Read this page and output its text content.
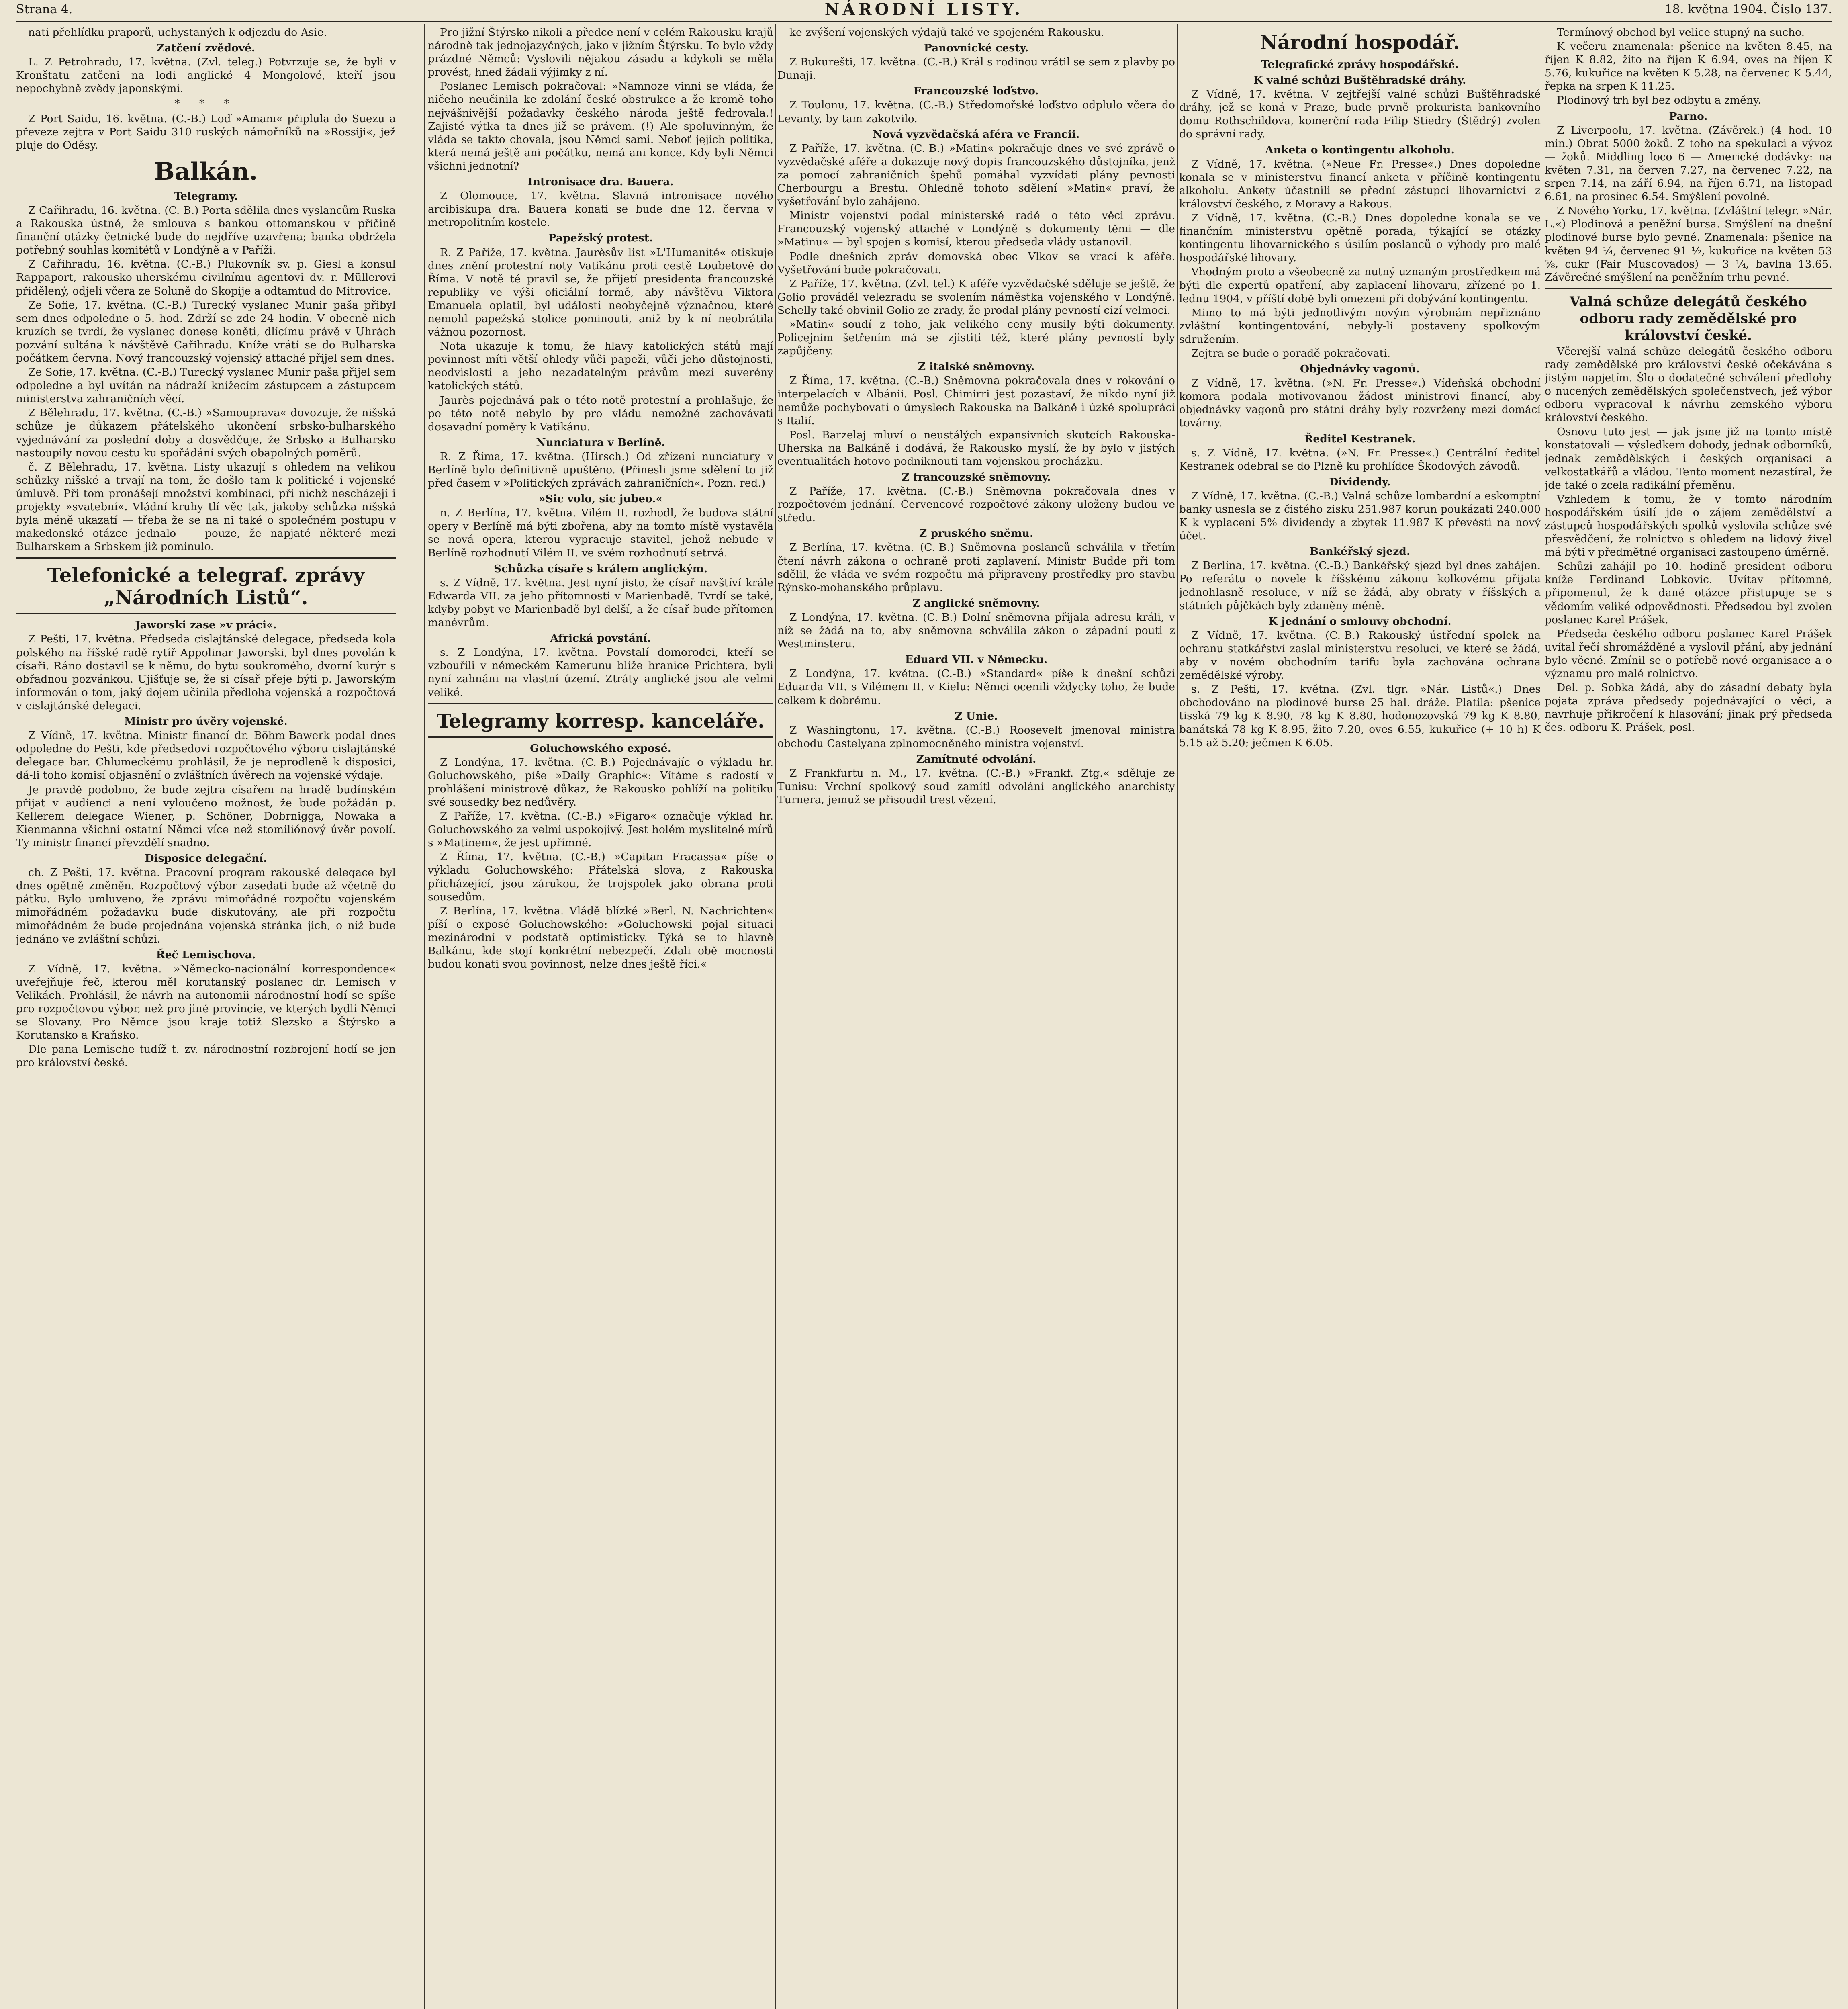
Strana 4.	NÁRODNÍ LISTY.	18. května 1904. Číslo 137.

nati přehlídku praporů, uchystaných k odjezdu do Asie.

Zatčení zvědové.

L. Z Petrohradu, 17. května. (Zvl. teleg.) Potvrzuje se, že byli v Kronštatu zatčeni na lodi anglické 4 Mongolové, kteří jsou nepochybně zvědy japonskými.

* * *

Z Port Saidu, 16. května. (C.-B.) Loď »Amam« připlula do Suezu a převeze zejtra v Port Saidu 310 ruských námořníků na »Rossiji«, jež pluje do Oděsy.

Balkán.

Telegramy.

Z Cařihradu, 16. května. (C.-B.) Porta sdělila dnes vyslancům Ruska a Rakouska ústně, že smlouva s bankou ottomanskou v příčině finanční otázky četnické bude do nejdříve uzavřena; banka obdržela potřebný souhlas komitétů v Londýně a v Paříži.

Z Cařihradu, 16. května. (C.-B.) Plukovník sv. p. Giesl a konsul Rappaport, rakousko-uherskému civilnímu agentovi dv. r. Müllerovi přidělený, odjeli včera ze Soluně do Skopije a odtamtud do Mitrovice.

Ze Sofie, 17. května. (C.-B.) Turecký vyslanec Munir paša přibyl sem dnes odpoledne o 5. hod. Zdrží se zde 24 hodin. V obecně nich kruzích se tvrdí, že vyslanec donese koněti, dlícímu právě v Uhrách pozvání sultána k návštěvě Cařihradu. Kníže vrátí se do Bulharska počátkem června. Nový francouzský vojenský attaché přijel sem dnes.

Ze Sofie, 17. května. (C.-B.) Turecký vyslanec Munir paša přijel sem odpoledne a byl uvítán na nádraží knížecím zástupcem a zástupcem ministerstva zahraničních věcí.

Z Bělehradu, 17. května. (C.-B.) »Samouprava« dovozuje, že nišská schůze je důkazem přátelského ukončení srbsko-bulharského vyjednávání za poslední doby a dosvědčuje, že Srbsko a Bulharsko nastoupily novou cestu ku spořádání svých obapolných poměrů.

č. Z Bělehradu, 17. května. Listy ukazují s ohledem na velikou schůzky nišské a trvají na tom, že došlo tam k politické i vojenské úmluvě. Při tom pronášejí množství kombinací, při nichž nescházejí i projekty »svatební«. Vládní kruhy tlí věc tak, jakoby schůzka nišská byla méně ukazatí — třeba že se na ni také o společném postupu v makedonské otázce jednalo — pouze, že napjaté některé mezi Bulharskem a Srbskem již pominulo.

Telefonické a telegraf. zprávy „Národních Listů“.

Jaworski zase »v práci«.

Z Pešti, 17. května. Předseda cislajtánské delegace, předseda kola polského na říšské radě rytíř Appolinar Jaworski, byl dnes povolán k císaři. Ráno dostavil se k němu, do bytu soukromého, dvorní kurýr s obřadnou pozvánkou. Ujišťuje se, že si císař přeje býti p. Jaworským informován o tom, jaký dojem učinila předloha vojenská a rozpočtová v cislajtánské delegaci.

Ministr pro úvěry vojenské.

Z Vídně, 17. května. Ministr financí dr. Böhm-Bawerk podal dnes odpoledne do Pešti, kde předsedovi rozpočtového výboru cislajtánské delegace bar. Chlumeckému prohlásil, že je neprodleně k disposici, dá-li toho komisí objasnění o zvláštních úvěrech na vojenské výdaje.

Je pravdě podobno, že bude zejtra císařem na hradě budínském přijat v audienci a není vyloučeno možnost, že bude požádán p. Kellerem delegace Wiener, p. Schöner, Dobrnigga, Nowaka a Kienmanna všichni ostatní Němci více než stomiliónový úvěr povolí. Ty ministr financí převzdělí snadno.

Disposice delegační.

ch. Z Pešti, 17. května. Pracovní program rakouské delegace byl dnes opětně změněn. Rozpočtový výbor zasedati bude až včetně do pátku. Bylo umluveno, že zprávu mimořádné rozpočtu vojenském mimořádném požadavku bude diskutovány, ale při rozpočtu mimořádném že bude projednána vojenská stránka jich, o níž bude jednáno ve zvláštní schůzi.

Řeč Lemischova.

Z Vídně, 17. května. »Německo-nacionální korrespondence« uveřejňuje řeč, kterou měl korutanský poslanec dr. Lemisch v Velikách. Prohlásil, že návrh na autonomii národnostní hodí se spíše pro rozpočtovou výbor, než pro jiné provincie, ve kterých bydlí Němci se Slovany. Pro Němce jsou kraje totiž Slezsko a Štýrsko a Korutansko a Kraňsko.

Dle pana Lemische tudíž t. zv. národnostní rozbrojení hodí se jen pro království české.

Pro jižní Štýrsko nikoli a předce není v celém Rakousku krajů národně tak jednojazyčných, jako v jižním Štýrsku. To bylo vždy prázdné Němců: Vyslovili nějakou zásadu a kdykoli se měla provést, hned žádali výjimky z ní.

Poslanec Lemisch pokračoval: »Namnoze vinni se vláda, že ničeho neučinila ke zdolání české obstrukce a že kromě toho nejvášnivější požadavky českého národa ještě fedrovala.! Zajisté výtka ta dnes již se právem. (!) Ale spoluvinným, že vláda se takto chovala, jsou Němci sami. Neboť jejich politika, která nemá ještě ani počátku, nemá ani konce. Kdy byli Němci všichni jednotní?

Intronisace dra. Bauera.

Z Olomouce, 17. května. Slavná intronisace nového arcibiskupa dra. Bauera konati se bude dne 12. června v metropolitním kostele.

Papežský protest.

R. Z Paříže, 17. května. Jaurèsův list »L'Humanité« otiskuje dnes znění protestní noty Vatikánu proti cestě Loubetově do Říma. V notě té pravil se, že přijetí presidenta francouzské republiky ve výši oficiální formě, aby návštěvu Viktora Emanuela oplatil, byl událostí neobyčejně význačnou, které nemohl papežská stolice pominouti, aniž by k ní neobrátila vážnou pozornost.

Nota ukazuje k tomu, že hlavy katolických států mají povinnost míti větší ohledy vůči papeži, vůči jeho důstojnosti, neodvislosti a jeho nezadatelným právům mezi suverény katolických států.

Jaurès pojednává pak o této notě protestní a prohlašuje, že po této notě nebylo by pro vládu nemožné zachovávati dosavadní poměry k Vatikánu.

Nunciatura v Berlíně.

R. Z Říma, 17. května. (Hirsch.) Od zřízení nunciatury v Berlíně bylo definitivně upuštěno. (Přinesli jsme sdělení to již před časem v »Politických zprávách zahraničních«. Pozn. red.)

»Sic volo, sic jubeo.«

n. Z Berlína, 17. května. Vilém II. rozhodl, že budova státní opery v Berlíně má býti zbořena, aby na tomto místě vystavěla se nová opera, kterou vypracuje stavitel, jehož nebude v Berlíně rozhodnutí Vilém II. ve svém rozhodnutí setrvá.

Schůzka císaře s králem anglickým.

s. Z Vídně, 17. května. Jest nyní jisto, že císař navštíví krále Edwarda VII. za jeho přítomnosti v Marienbadě. Tvrdí se také, kdyby pobyt ve Marienbadě byl delší, a že císař bude přítomen manévrům.

Africká povstání.

s. Z Londýna, 17. května. Povstalí domorodci, kteří se vzbouřili v německém Kamerunu blíže hranice Prichtera, byli nyní zahnáni na vlastní území. Ztráty anglické jsou ale velmi veliké.

Telegramy korresp. kanceláře.

Goluchowského exposé.

Z Londýna, 17. května. (C.-B.) Pojednávajíc o výkladu hr. Goluchowského, píše »Daily Graphic«: Vítáme s radostí v prohlášení ministrově důkaz, že Rakousko pohlíží na politiku své sousedky bez nedůvěry.

Z Paříže, 17. května. (C.-B.) »Figaro« označuje výklad hr. Goluchowského za velmi uspokojivý. Jest holém myslitelné mírů s »Matinem«, že jest upřímné.

Z Říma, 17. května. (C.-B.) »Capitan Fracassa« píše o výkladu Goluchowského: Přátelská slova, z Rakouska přicházející, jsou zárukou, že trojspolek jako obrana proti sousedům.

Z Berlína, 17. května. Vládě blízké »Berl. N. Nachrichten« píší o exposé Goluchowského: »Goluchowski pojal situaci mezinárodní v podstatě optimisticky. Týká se to hlavně Balkánu, kde stojí konkrétní nebezpečí. Zdali obě mocnosti budou konati svou povinnost, nelze dnes ještě říci.«

ke zvýšení vojenských výdajů také ve spojeném Rakousku.

Panovnické cesty.

Z Bukurešti, 17. května. (C.-B.) Král s rodinou vrátil se sem z plavby po Dunaji.

Francouzské loďstvo.

Z Toulonu, 17. května. (C.-B.) Středomořské loďstvo odplulo včera do Levanty, by tam zakotvilo.

Nová vyzvědačská aféra ve Francii.

Z Paříže, 17. května. (C.-B.) »Matin« pokračuje dnes ve své zprávě o vyzvědačské aféře a dokazuje nový dopis francouzského důstojníka, jenž za pomocí zahraničních špehů pomáhal vyzvídati plány pevnosti Cherbourgu a Brestu. Ohledně tohoto sdělení »Matin« praví, že vyšetřování bylo zahájeno.

Ministr vojenství podal ministerské radě o této věci zprávu. Francouzský vojenský attaché v Londýně s dokumenty těmi — dle »Matinu« — byl spojen s komisí, kterou předseda vlády ustanovil.

Podle dnešních zpráv domovská obec Vlkov se vrací k aféře. Vyšetřování bude pokračovati.

Z Paříže, 17. května. (Zvl. tel.) K aféře vyzvědačské sděluje se ještě, že Golio prováděl velezradu se svolením náměstka vojenského v Londýně. Schelly také obvinil Golio ze zrady, že prodal plány pevností cizí velmoci.

»Matin« soudí z toho, jak velikého ceny musily býti dokumenty. Policejním šetřením má se zjistiti též, které plány pevností byly zapůjčeny.

Z italské sněmovny.

Z Říma, 17. května. (C.-B.) Sněmovna pokračovala dnes v rokování o interpelacích v Albánii. Posl. Chimirri jest pozastaví, že nikdo nyní již nemůže pochybovati o úmyslech Rakouska na Balkáně i úzké spolupráci s Italií.

Posl. Barzelaj mluví o neustálých expansivních skutcích Rakouska-Uherska na Balkáně i dodává, že Rakousko myslí, že by bylo v jistých eventualitách hotovo podniknouti tam vojenskou procházku.

Z francouzské sněmovny.

Z Paříže, 17. května. (C.-B.) Sněmovna pokračovala dnes v rozpočtovém jednání. Červencové rozpočtové zákony uloženy budou ve středu.

Z pruského sněmu.

Z Berlína, 17. května. (C.-B.) Sněmovna poslanců schválila v třetím čtení návrh zákona o ochraně proti zaplavení. Ministr Budde při tom sdělil, že vláda ve svém rozpočtu má připraveny prostředky pro stavbu Rýnsko-mohanského průplavu.

Z anglické sněmovny.

Z Londýna, 17. května. (C.-B.) Dolní sněmovna přijala adresu králi, v níž se žádá na to, aby sněmovna schválila zákon o západní pouti z Westminsteru.

Eduard VII. v Německu.

Z Londýna, 17. května. (C.-B.) »Standard« píše k dnešní schůzi Eduarda VII. s Vilémem II. v Kielu: Němci ocenili vždycky toho, že bude celkem k dobrému.

Z Unie.

Z Washingtonu, 17. května. (C.-B.) Roosevelt jmenoval ministra obchodu Castelyana zplnomocněného ministra vojenství.

Zamítnuté odvolání.

Z Frankfurtu n. M., 17. května. (C.-B.) »Frankf. Ztg.« sděluje ze Tunisu: Vrchní spolkový soud zamítl odvolání anglického anarchisty Turnera, jemuž se přisoudil trest vězení.

Národní hospodář.

Telegrafické zprávy hospodářské.

K valné schůzi Buštěhradské dráhy.

Z Vídně, 17. května. V zejtřejší valné schůzi Buštěhradské dráhy, jež se koná v Praze, bude prvně prokurista bankovního domu Rothschildova, komerční rada Filip Stiedry (Štědrý) zvolen do správní rady.

Anketa o kontingentu alkoholu.

Z Vídně, 17. května. (»Neue Fr. Presse«.) Dnes dopoledne konala se v ministerstvu financí anketa v příčině kontingentu alkoholu. Ankety účastnili se přední zástupci lihovarnictví z království českého, z Moravy a Rakous.

Z Vídně, 17. května. (C.-B.) Dnes dopoledne konala se ve finančním ministerstvu opětně porada, týkající se otázky kontingentu lihovarnického s úsilím poslanců o výhody pro malé hospodářské lihovary.

Vhodným proto a všeobecně za nutný uznaným prostředkem má býti dle expertů opatření, aby zaplacení lihovaru, zřízené po 1. lednu 1904, v příští době byli omezeni při dobývání kontingentu.

Mimo to má býti jednotlivým novým výrobnám nepřiznáno zvláštní kontingentování, nebyly-li postaveny spolkovým sdružením.

Zejtra se bude o poradě pokračovati.

Objednávky vagonů.

Z Vídně, 17. května. (»N. Fr. Presse«.) Vídeňská obchodní komora podala motivovanou žádost ministrovi financí, aby objednávky vagonů pro státní dráhy byly rozvrženy mezi domácí továrny.

Ředitel Kestranek.

s. Z Vídně, 17. května. (»N. Fr. Presse«.) Centrální ředitel Kestranek odebral se do Plzně ku prohlídce Škodových závodů.

Dividendy.

Z Vídně, 17. května. (C.-B.) Valná schůze lombardní a eskomptní banky usnesla se z čistého zisku 251.987 korun poukázati 240.000 K k vyplacení 5% dividendy a zbytek 11.987 K převésti na nový účet.

Bankéřský sjezd.

Z Berlína, 17. května. (C.-B.) Bankéřský sjezd byl dnes zahájen. Po referátu o novele k říšskému zákonu kolkovému přijata jednohlasně resoluce, v níž se žádá, aby obraty v říšských a státních půjčkách byly zdaněny méně.

K jednání o smlouvy obchodní.

Z Vídně, 17. května. (C.-B.) Rakouský ústřední spolek na ochranu statkářství zaslal ministerstvu resoluci, ve které se žádá, aby v novém obchodním tarifu byla zachována ochrana zemědělské výroby.

s. Z Pešti, 17. května. (Zvl. tlgr. »Nár. Listů«.) Dnes obchodováno na plodinové burse 25 hal. dráže. Platila: pšenice tisská 79 kg K 8.90, 78 kg K 8.80, hodonozovská 79 kg K 8.80, banátská 78 kg K 8.95, žito 7.20, oves 6.55, kukuřice (+ 10 h) K 5.15 až 5.20; ječmen K 6.05.

Termínový obchod byl velice stupný na sucho.

K večeru znamenala: pšenice na květen 8.45, na říjen K 8.82, žito na říjen K 6.94, oves na říjen K 5.76, kukuřice na květen K 5.28, na červenec K 5.44, řepka na srpen K 11.25.

Plodinový trh byl bez odbytu a změny.

Parno.

Z Liverpoolu, 17. května. (Závěrek.) (4 hod. 10 min.) Obrat 5000 žoků. Z toho na spekulaci a vývoz — žoků. Middling loco 6 — Americké dodávky: na květen 7.31, na červen 7.27, na červenec 7.22, na srpen 7.14, na září 6.94, na říjen 6.71, na listopad 6.61, na prosinec 6.54. Smýšlení povolné.

Z Nového Yorku, 17. května. (Zvláštní telegr. »Nár. L.«) Plodinová a peněžní bursa. Smýšlení na dnešní plodinové burse bylo pevné. Znamenala: pšenice na květen 94 ¼, červenec 91 ½, kukuřice na květen 53 ⅝, cukr (Fair Muscovados) — 3 ¼, bavlna 13.65. Závěrečné smýšlení na peněžním trhu pevné.

Valná schůze delegátů českého odboru rady zemědělské pro království české.

Včerejší valná schůze delegátů českého odboru rady zemědělské pro království české očekávána s jistým napjetím. Šlo o dodatečné schválení předlohy o nucených zemědělských společenstvech, jež výbor odboru vypracoval k návrhu zemského výboru království českého.

Osnovu tuto jest — jak jsme již na tomto místě konstatovali — výsledkem dohody, jednak odborníků, jednak zemědělských i českých organisací a velkostatkářů a vládou. Tento moment nezastíral, že jde také o zcela radikální přeměnu.

Vzhledem k tomu, že v tomto národním hospodářském úsilí jde o zájem zemědělství a zástupců hospodářských spolků vyslovila schůze své přesvědčení, že rolnictvo s ohledem na lidový živel má býti v předmětné organisaci zastoupeno úměrně.

Schůzi zahájil po 10. hodině president odboru kníže Ferdinand Lobkovic. Uvítav přítomné, připomenul, že k dané otázce přistupuje se s vědomím veliké odpovědnosti. Předsedou byl zvolen poslanec Karel Prášek.

Předseda českého odboru poslanec Karel Prášek uvítal řečí shromážděné a vyslovil přání, aby jednání bylo věcné. Zmínil se o potřebě nové organisace a o významu pro malé rolnictvo.

Del. p. Sobka žádá, aby do zásadní debaty byla pojata zpráva předsedy pojednávající o věci, a navrhuje přikročení k hlasování; jinak prý předseda čes. odboru K. Prášek, posl.
